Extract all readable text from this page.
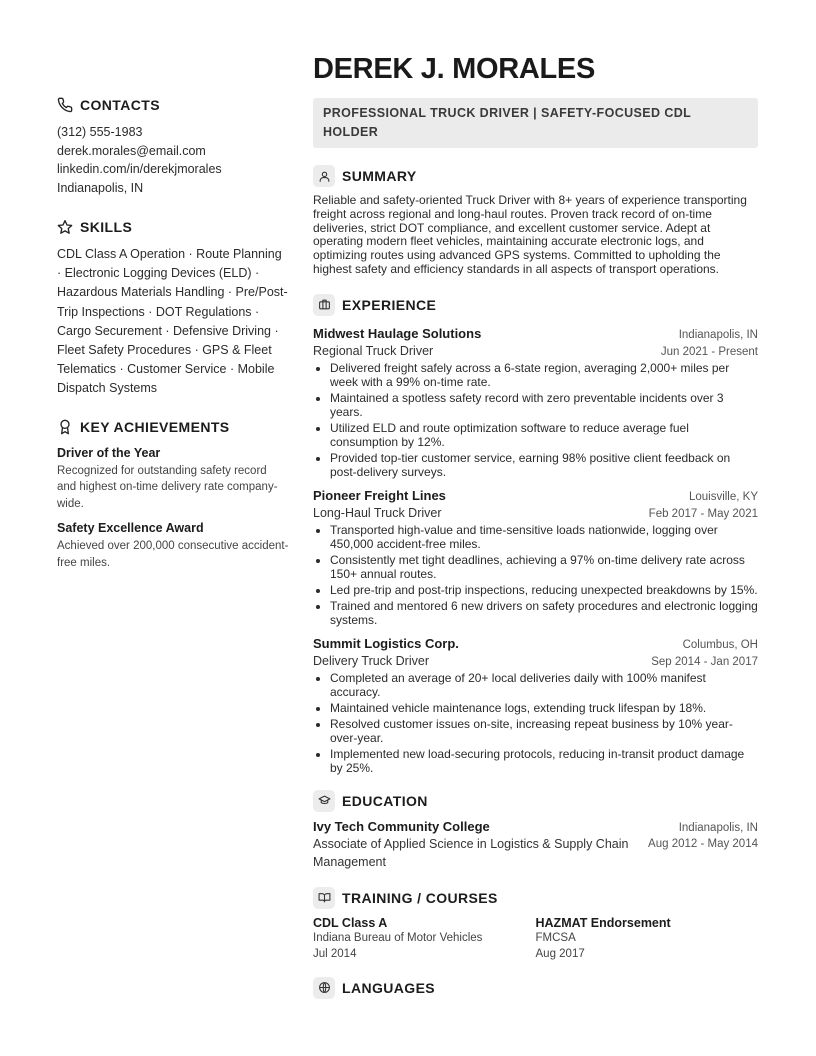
CONTACTS
(312) 555-1983
derek.morales@email.com
linkedin.com/in/derekjmorales
Indianapolis, IN
SKILLS
CDL Class A Operation · Route Planning · Electronic Logging Devices (ELD) · Hazardous Materials Handling · Pre/Post-Trip Inspections · DOT Regulations · Cargo Securement · Defensive Driving · Fleet Safety Procedures · GPS & Fleet Telematics · Customer Service · Mobile Dispatch Systems
KEY ACHIEVEMENTS
Driver of the Year
Recognized for outstanding safety record and highest on-time delivery rate company-wide.
Safety Excellence Award
Achieved over 200,000 consecutive accident-free miles.
DEREK J. MORALES
PROFESSIONAL TRUCK DRIVER | SAFETY-FOCUSED CDL HOLDER
SUMMARY
Reliable and safety-oriented Truck Driver with 8+ years of experience transporting freight across regional and long-haul routes. Proven track record of on-time deliveries, strict DOT compliance, and excellent customer service. Adept at operating modern fleet vehicles, maintaining accurate electronic logs, and optimizing routes using advanced GPS systems. Committed to upholding the highest safety and efficiency standards in all aspects of transport operations.
EXPERIENCE
Midwest Haulage Solutions	Indianapolis, IN
Regional Truck Driver	Jun 2021 - Present
• Delivered freight safely across a 6-state region, averaging 2,000+ miles per week with a 99% on-time rate.
• Maintained a spotless safety record with zero preventable incidents over 3 years.
• Utilized ELD and route optimization software to reduce average fuel consumption by 12%.
• Provided top-tier customer service, earning 98% positive client feedback on post-delivery surveys.
Pioneer Freight Lines	Louisville, KY
Long-Haul Truck Driver	Feb 2017 - May 2021
• Transported high-value and time-sensitive loads nationwide, logging over 450,000 accident-free miles.
• Consistently met tight deadlines, achieving a 97% on-time delivery rate across 150+ annual routes.
• Led pre-trip and post-trip inspections, reducing unexpected breakdowns by 15%.
• Trained and mentored 6 new drivers on safety procedures and electronic logging systems.
Summit Logistics Corp.	Columbus, OH
Delivery Truck Driver	Sep 2014 - Jan 2017
• Completed an average of 20+ local deliveries daily with 100% manifest accuracy.
• Maintained vehicle maintenance logs, extending truck lifespan by 18%.
• Resolved customer issues on-site, increasing repeat business by 10% year-over-year.
• Implemented new load-securing protocols, reducing in-transit product damage by 25%.
EDUCATION
Ivy Tech Community College	Indianapolis, IN
Associate of Applied Science in Logistics & Supply Chain Management
Aug 2012 - May 2014
TRAINING / COURSES
CDL Class A
Indiana Bureau of Motor Vehicles
Jul 2014
HAZMAT Endorsement
FMCSA
Aug 2017
LANGUAGES
